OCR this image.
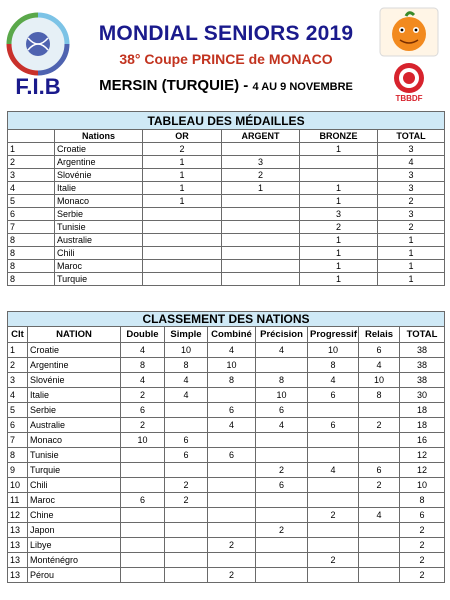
F.I.B
MONDIAL SENIORS 2019
38° Coupe PRINCE de MONACO
MERSIN (TURQUIE) - 4 AU 9 NOVEMBRE
TBBDF
TABLEAU DES MÉDAILLES					
	Nations	OR	ARGENT	BRONZE	TOTAL
1	Croatie	2		1	3
2	Argentine	1	3		4
3	Slovénie	1	2		3
4	Italie	1	1	1	3
5	Monaco	1		1	2
6	Serbie			3	3
7	Tunisie			2	2
8	Australie			1	1
8	Chili			1	1
8	Maroc			1	1
8	Turquie			1	1
CLASSEMENT DES NATIONS								
Clt	NATION	Double	Simple	Combiné	Précision	Progressif	Relais	TOTAL
1	Croatie	4	10	4	4	10	6	38
2	Argentine	8	8	10		8	4	38
3	Slovénie	4	4	8	8	4	10	38
4	Italie	2	4		10	6	8	30
5	Serbie	6		6	6			18
6	Australie	2		4	4	6	2	18
7	Monaco	10	6					16
8	Tunisie		6	6				12
9	Turquie				2	4	6	12
10	Chili		2		6		2	10
11	Maroc	6	2					8
12	Chine					2	4	6
13	Japon				2			2
13	Libye			2				2
13	Monténégro					2		2
13	Pérou			2				2
